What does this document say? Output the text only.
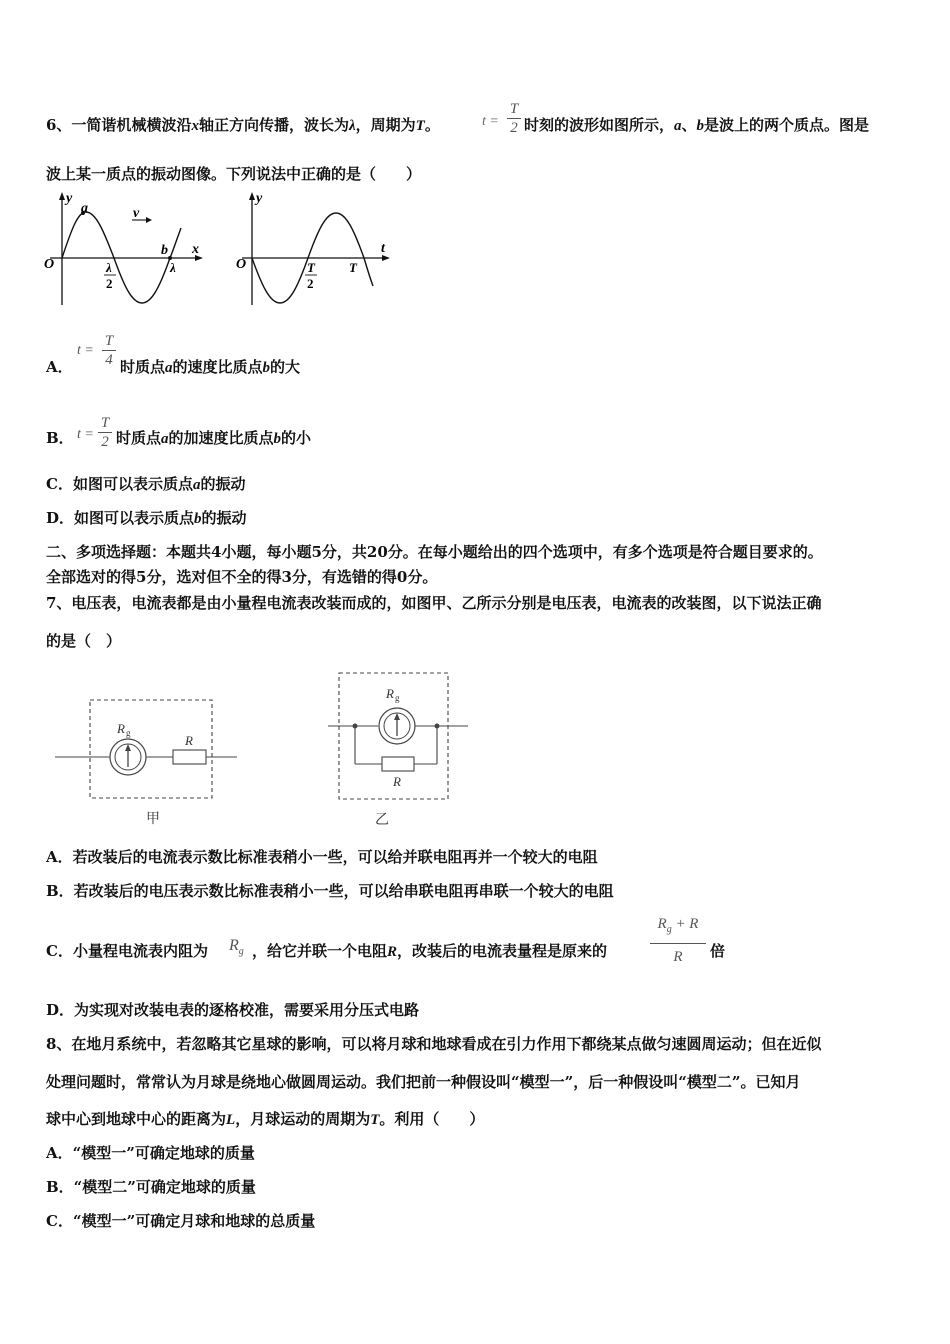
6、一简谐机械横波沿x轴正方向传播，波长为λ，周期为T。	t =
T
2 时刻的波形如图所示，a、b是波上的两个质点。图是
波上某一质点的振动图像。下列说法中正确的是（　　）
y
x
O
a
b
v
λ
2
λ
y
t
O	T
2
T
A．
t =
T
4 时质点a的速度比质点b的大
B． t =
T
2 时质点a的加速度比质点b的小
C．如图可以表示质点a的振动
D．如图可以表示质点b的振动
二、多项选择题：本题共4小题，每小题5分，共20分。在每小题给出的四个选项中，有多个选项是符合题目要求的。
全部选对的得5分，选对但不全的得3分，有选错的得0分。
7、电压表，电流表都是由小量程电流表改装而成的，如图甲、乙所示分别是电压表，电流表的改装图，以下说法正确
的是（　）
R g	R
甲
R g
R
乙
A．若改装后的电流表示数比标准表稍小一些，可以给并联电阻再并一个较大的电阻
B．若改装后的电压表示数比标准表稍小一些，可以给串联电阻再串联一个较大的电阻
C．小量程电流表内阻为 $R_g$ ，给它并联一个电阻R，改装后的电流表量程是原来的
$R_g + R$
R	倍
D．为实现对改装电表的逐格校准，需要采用分压式电路
8、在地月系统中，若忽略其它星球的影响，可以将月球和地球看成在引力作用下都绕某点做匀速圆周运动；但在近似
处理问题时，常常认为月球是绕地心做圆周运动。我们把前一种假设叫“模型一”，后一种假设叫“模型二”。已知月
球中心到地球中心的距离为L，月球运动的周期为T。利用（　　）
A．“模型一”可确定地球的质量
B．“模型二”可确定地球的质量
C．“模型一”可确定月球和地球的总质量
